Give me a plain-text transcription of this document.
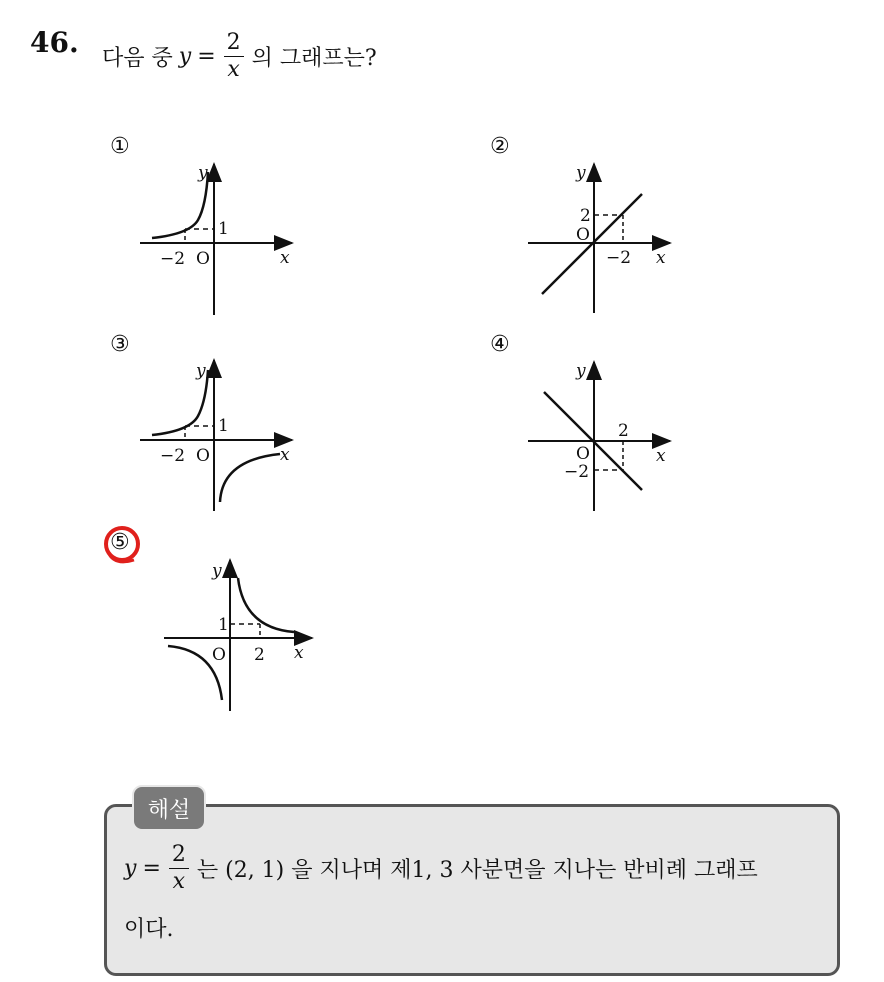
46. 다음 중 $y = \frac{2}{x}$ 의 그래프는?
①
y
x
O
−2
1
②
y
x
O
−2
2
③
y
x
O
−2
1
④
y
x
O
2
−2
⑤
y
x
O 2
1
해설
$y = \frac{2}{x}$ 는 (2, 1) 을 지나며 제1, 3 사분면을 지나는 반비례 그래프
이다.
